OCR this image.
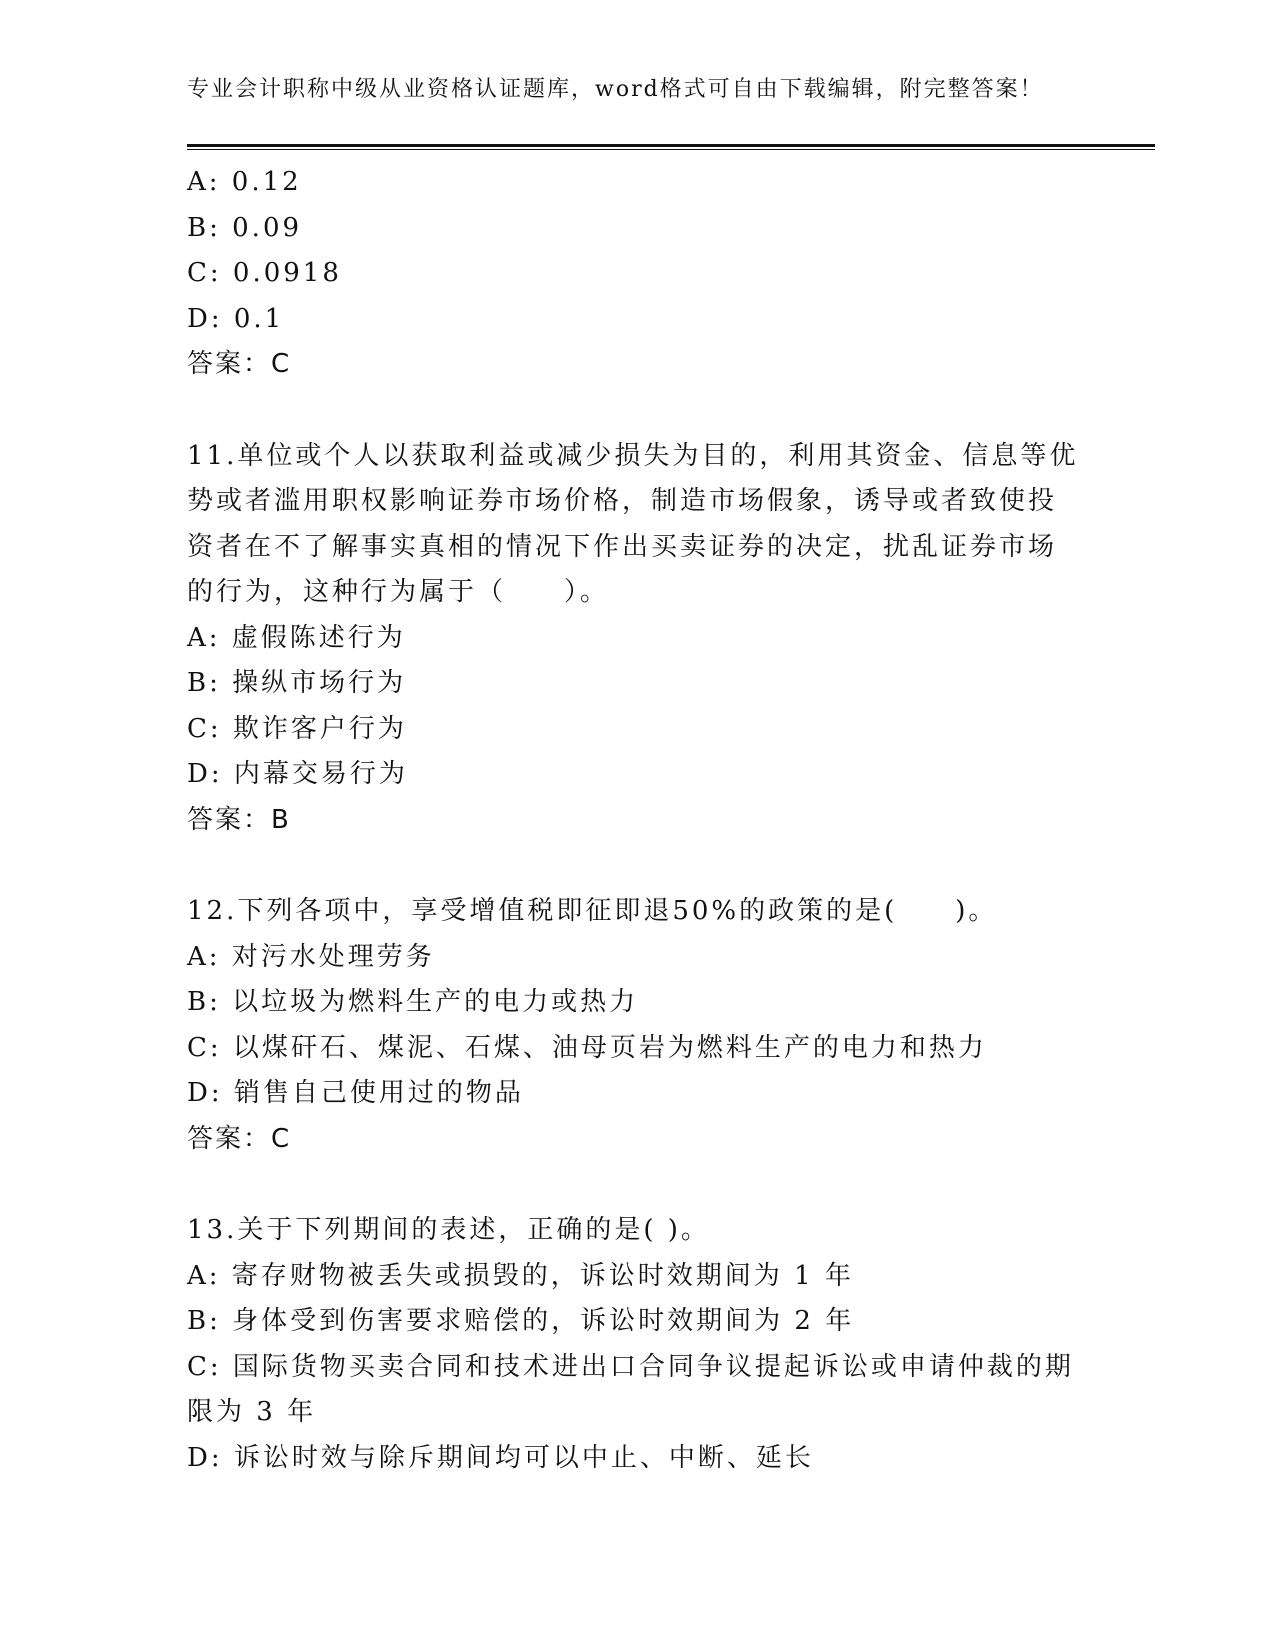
专业会计职称中级从业资格认证题库，word格式可自由下载编辑，附完整答案！
A: 0.12
B: 0.09
C: 0.0918
D: 0.1
答案：C
11.单位或个人以获取利益或减少损失为目的，利用其资金、信息等优
势或者滥用职权影响证券市场价格，制造市场假象，诱导或者致使投
资者在不了解事实真相的情况下作出买卖证券的决定，扰乱证券市场
的行为，这种行为属于（　　）。
A: 虚假陈述行为
B: 操纵市场行为
C: 欺诈客户行为
D: 内幕交易行为
答案：B
12.下列各项中，享受增值税即征即退50%的政策的是(　　)。
A: 对污水处理劳务
B: 以垃圾为燃料生产的电力或热力
C: 以煤矸石、煤泥、石煤、油母页岩为燃料生产的电力和热力
D: 销售自己使用过的物品
答案：C
13.关于下列期间的表述，正确的是( )。
A: 寄存财物被丢失或损毁的，诉讼时效期间为 1 年
B: 身体受到伤害要求赔偿的，诉讼时效期间为 2 年
C: 国际货物买卖合同和技术进出口合同争议提起诉讼或申请仲裁的期
限为 3 年
D: 诉讼时效与除斥期间均可以中止、中断、延长
